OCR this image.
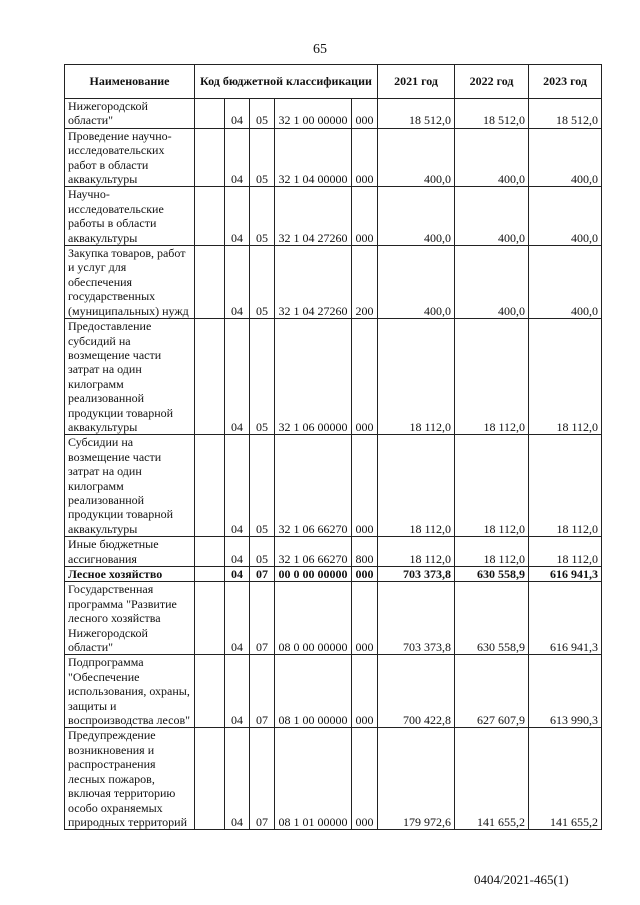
65
Наименование	Код бюджетной классификации					2021 год	2022 год	2023 год
Нижегородской области"		04	05	32 1 00 00000	000	18 512,0	18 512,0	18 512,0
Проведение научно-исследовательских работ в области аквакультуры		04	05	32 1 04 00000	000	400,0	400,0	400,0
Научно-исследовательские работы в области аквакультуры		04	05	32 1 04 27260	000	400,0	400,0	400,0
Закупка товаров, работ и услуг для обеспечения государственных (муниципальных) нужд		04	05	32 1 04 27260	200	400,0	400,0	400,0
Предоставление субсидий на возмещение части затрат на один килограмм реализованной продукции товарной аквакультуры		04	05	32 1 06 00000	000	18 112,0	18 112,0	18 112,0
Субсидии на возмещение части затрат на один килограмм реализованной продукции товарной аквакультуры		04	05	32 1 06 66270	000	18 112,0	18 112,0	18 112,0
Иные бюджетные ассигнования		04	05	32 1 06 66270	800	18 112,0	18 112,0	18 112,0
Лесное хозяйство		04	07	00 0 00 00000	000	703 373,8	630 558,9	616 941,3
Государственная программа "Развитие лесного хозяйства Нижегородской области"		04	07	08 0 00 00000	000	703 373,8	630 558,9	616 941,3
Подпрограмма "Обеспечение использования, охраны, защиты и воспроизводства лесов"		04	07	08 1 00 00000	000	700 422,8	627 607,9	613 990,3
Предупреждение возникновения и распространения лесных пожаров, включая территорию особо охраняемых природных территорий		04	07	08 1 01 00000	000	179 972,6	141 655,2	141 655,2
0404/2021-465(1)
